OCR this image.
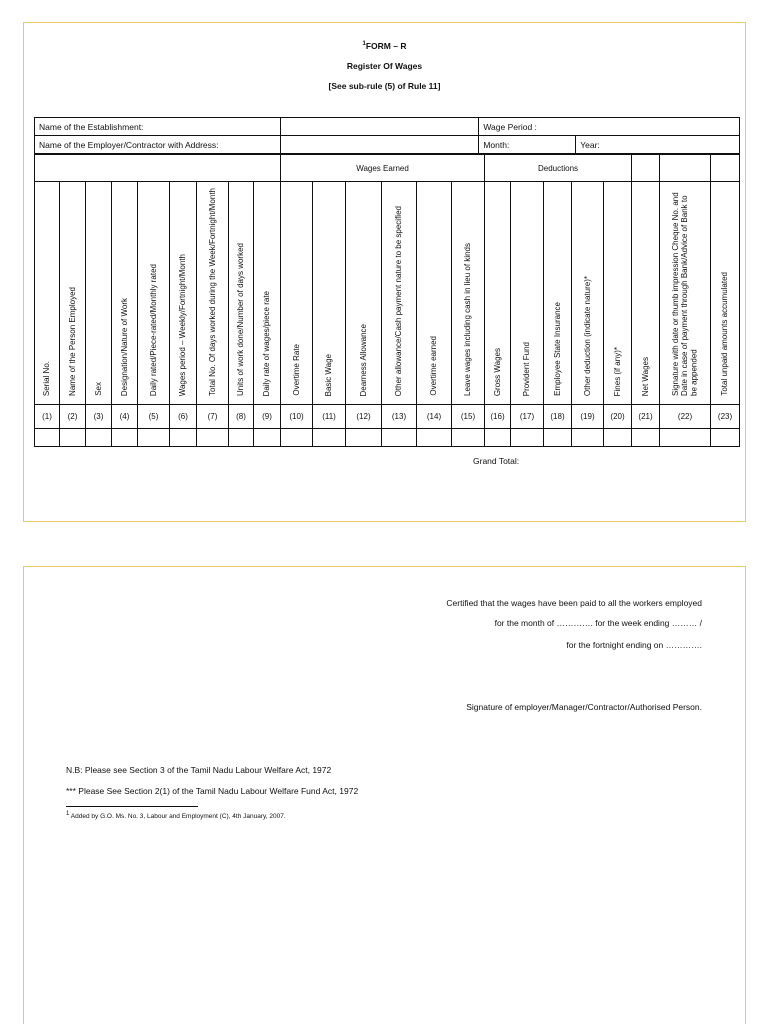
$^1$FORM – R
Register Of Wages
[See sub-rule (5) of Rule 11]
Name of the Establishment:		Wage Period :	
Name of the Employer/Contractor with Address:		Month:	Year:
									Wages Earned						Deductions							
Serial No.	Name of the Person Employed	Sex	Designation/Nature of Work	Daily rated/Piece-rated/Monthly rated	Wages period – Weekly/Fortnight/Month	Total No. Of days worked during the Week/Fortnight/Month	Units of work done/Number of days worked	Daily rate of wages/piece rate	Overtime Rate	Basic Wage	Dearness Allowance	Other allowance/Cash payment nature to be specified	Overtime earned	Leave wages including cash in lieu of kinds	Gross Wages	Provident Fund	Employee State Insurance	Other deduction (indicate nature)*	Fines (if any)*	Net Wages	Signature with date or thumb impression Cheque No. and Date in case of payment through Bank/Advice of Bank to be appended	Total unpaid amounts accumulated
(1)	(2)	(3)	(4)	(5)	(6)	(7)	(8)	(9)	(10)	(11)	(12)	(13)	(14)	(15)	(16)	(17)	(18)	(19)	(20)	(21)	(22)	(23)

Grand Total:
Certified that the wages have been paid to all the workers employed
for the month of …………. for the week ending ……… /
for the fortnight ending on ………….
Signature of employer/Manager/Contractor/Authorised Person.
N.B: Please see Section 3 of the Tamil Nadu Labour Welfare Act, 1972
*** Please See Section 2(1) of the Tamil Nadu Labour Welfare Fund Act, 1972
1 Added by G.O. Ms. No. 3, Labour and Employment (C), 4th January, 2007.
